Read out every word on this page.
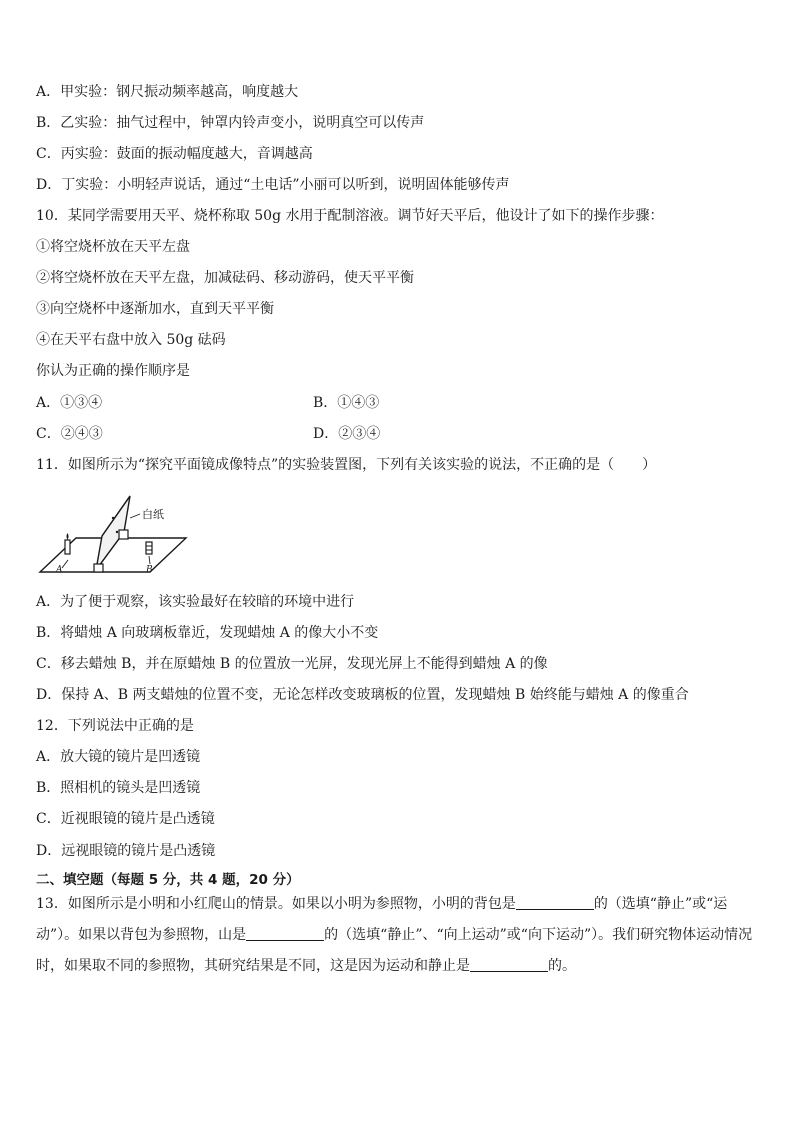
A．甲实验：钢尺振动频率越高，响度越大
B．乙实验：抽气过程中，钟罩内铃声变小，说明真空可以传声
C．丙实验：鼓面的振动幅度越大，音调越高
D．丁实验：小明轻声说话，通过“土电话”小丽可以听到，说明固体能够传声
10．某同学需要用天平、烧杯称取 50g 水用于配制溶液。调节好天平后，他设计了如下的操作步骤：
①将空烧杯放在天平左盘
②将空烧杯放在天平左盘，加减砝码、移动游码，使天平平衡
③向空烧杯中逐渐加水，直到天平平衡
④在天平右盘中放入 50g 砝码
你认为正确的操作顺序是
A．①③④	B．①④③
C．②④③	D．②③④
11．如图所示为“探究平面镜成像特点”的实验装置图，下列有关该实验的说法，不正确的是（　　）
白纸
A	B
A．为了便于观察，该实验最好在较暗的环境中进行
B．将蜡烛 A 向玻璃板靠近，发现蜡烛 A 的像大小不变
C．移去蜡烛 B，并在原蜡烛 B 的位置放一光屏，发现光屏上不能得到蜡烛 A 的像
D．保持 A、B 两支蜡烛的位置不变，无论怎样改变玻璃板的位置，发现蜡烛 B 始终能与蜡烛 A 的像重合
12．下列说法中正确的是
A．放大镜的镜片是凹透镜
B．照相机的镜头是凹透镜
C．近视眼镜的镜片是凸透镜
D．远视眼镜的镜片是凸透镜
二、填空题（每题 5 分，共 4 题，20 分）
13．如图所示是小明和小红爬山的情景。如果以小明为参照物，小明的背包是	的（选填“静止”或“运动”）。如果以背包为参照物，山是	的（选填“静止”、“向上运动”或“向下运动”）。我们研究物体运动情况时，如果取不同的参照物，其研究结果是不同，这是因为运动和静止是	的。
